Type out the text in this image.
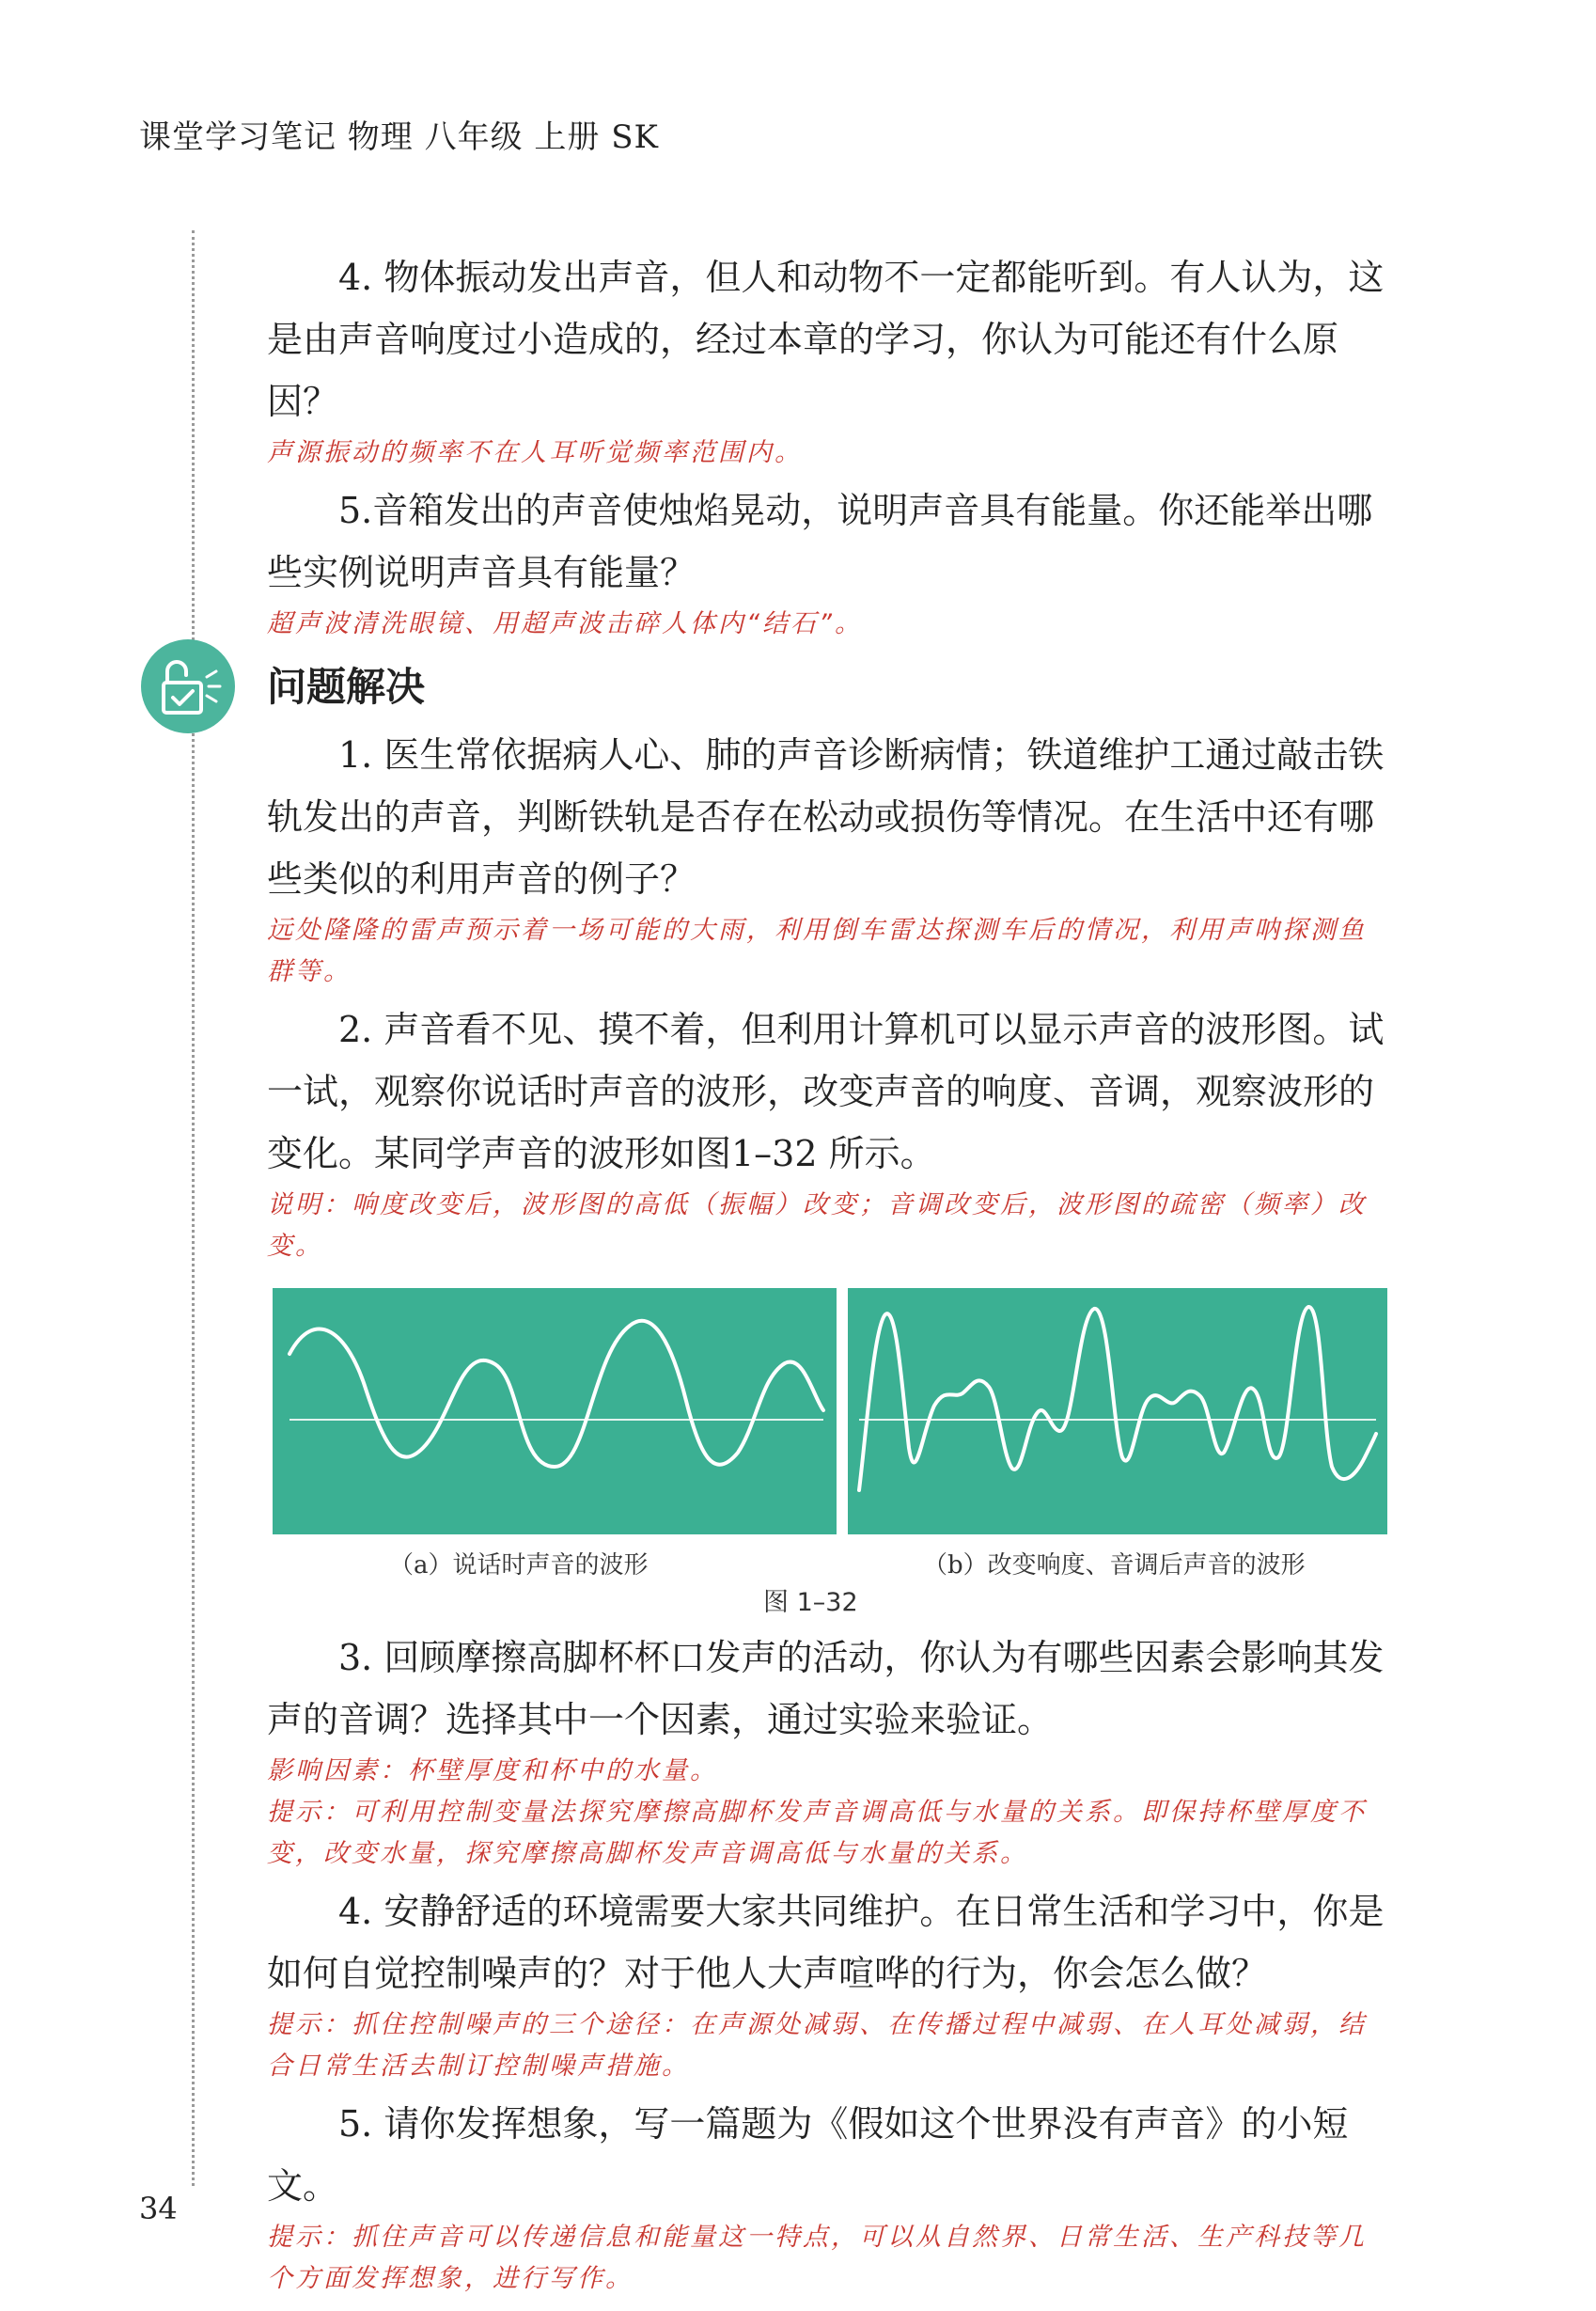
课堂学习笔记 物理 八年级 上册 SK

4. 物体振动发出声音，但人和动物不一定都能听到。有人认为，这是由声音响度过小造成的，经过本章的学习，你认为可能还有什么原因？

声源振动的频率不在人耳听觉频率范围内。

5.音箱发出的声音使烛焰晃动，说明声音具有能量。你还能举出哪些实例说明声音具有能量？

超声波清洗眼镜、用超声波击碎人体内“结石”。

问题解决

1. 医生常依据病人心、肺的声音诊断病情；铁道维护工通过敲击铁轨发出的声音，判断铁轨是否存在松动或损伤等情况。在生活中还有哪些类似的利用声音的例子？

远处隆隆的雷声预示着一场可能的大雨，利用倒车雷达探测车后的情况，利用声呐探测鱼群等。

2. 声音看不见、摸不着，但利用计算机可以显示声音的波形图。试一试，观察你说话时声音的波形，改变声音的响度、音调，观察波形的变化。某同学声音的波形如图1–32 所示。

说明：响度改变后，波形图的高低（振幅）改变；音调改变后，波形图的疏密（频率）改变。

（a）说话时声音的波形	（b）改变响度、音调后声音的波形
图 1–32

3. 回顾摩擦高脚杯杯口发声的活动，你认为有哪些因素会影响其发声的音调？选择其中一个因素，通过实验来验证。

影响因素：杯壁厚度和杯中的水量。

提示：可利用控制变量法探究摩擦高脚杯发声音调高低与水量的关系。即保持杯壁厚度不变，改变水量，探究摩擦高脚杯发声音调高低与水量的关系。

4. 安静舒适的环境需要大家共同维护。在日常生活和学习中，你是如何自觉控制噪声的？对于他人大声喧哗的行为，你会怎么做？

提示：抓住控制噪声的三个途径：在声源处减弱、在传播过程中减弱、在人耳处减弱，结合日常生活去制订控制噪声措施。

5. 请你发挥想象，写一篇题为《假如这个世界没有声音》的小短文。

提示：抓住声音可以传递信息和能量这一特点，可以从自然界、日常生活、生产科技等几个方面发挥想象，进行写作。

34
